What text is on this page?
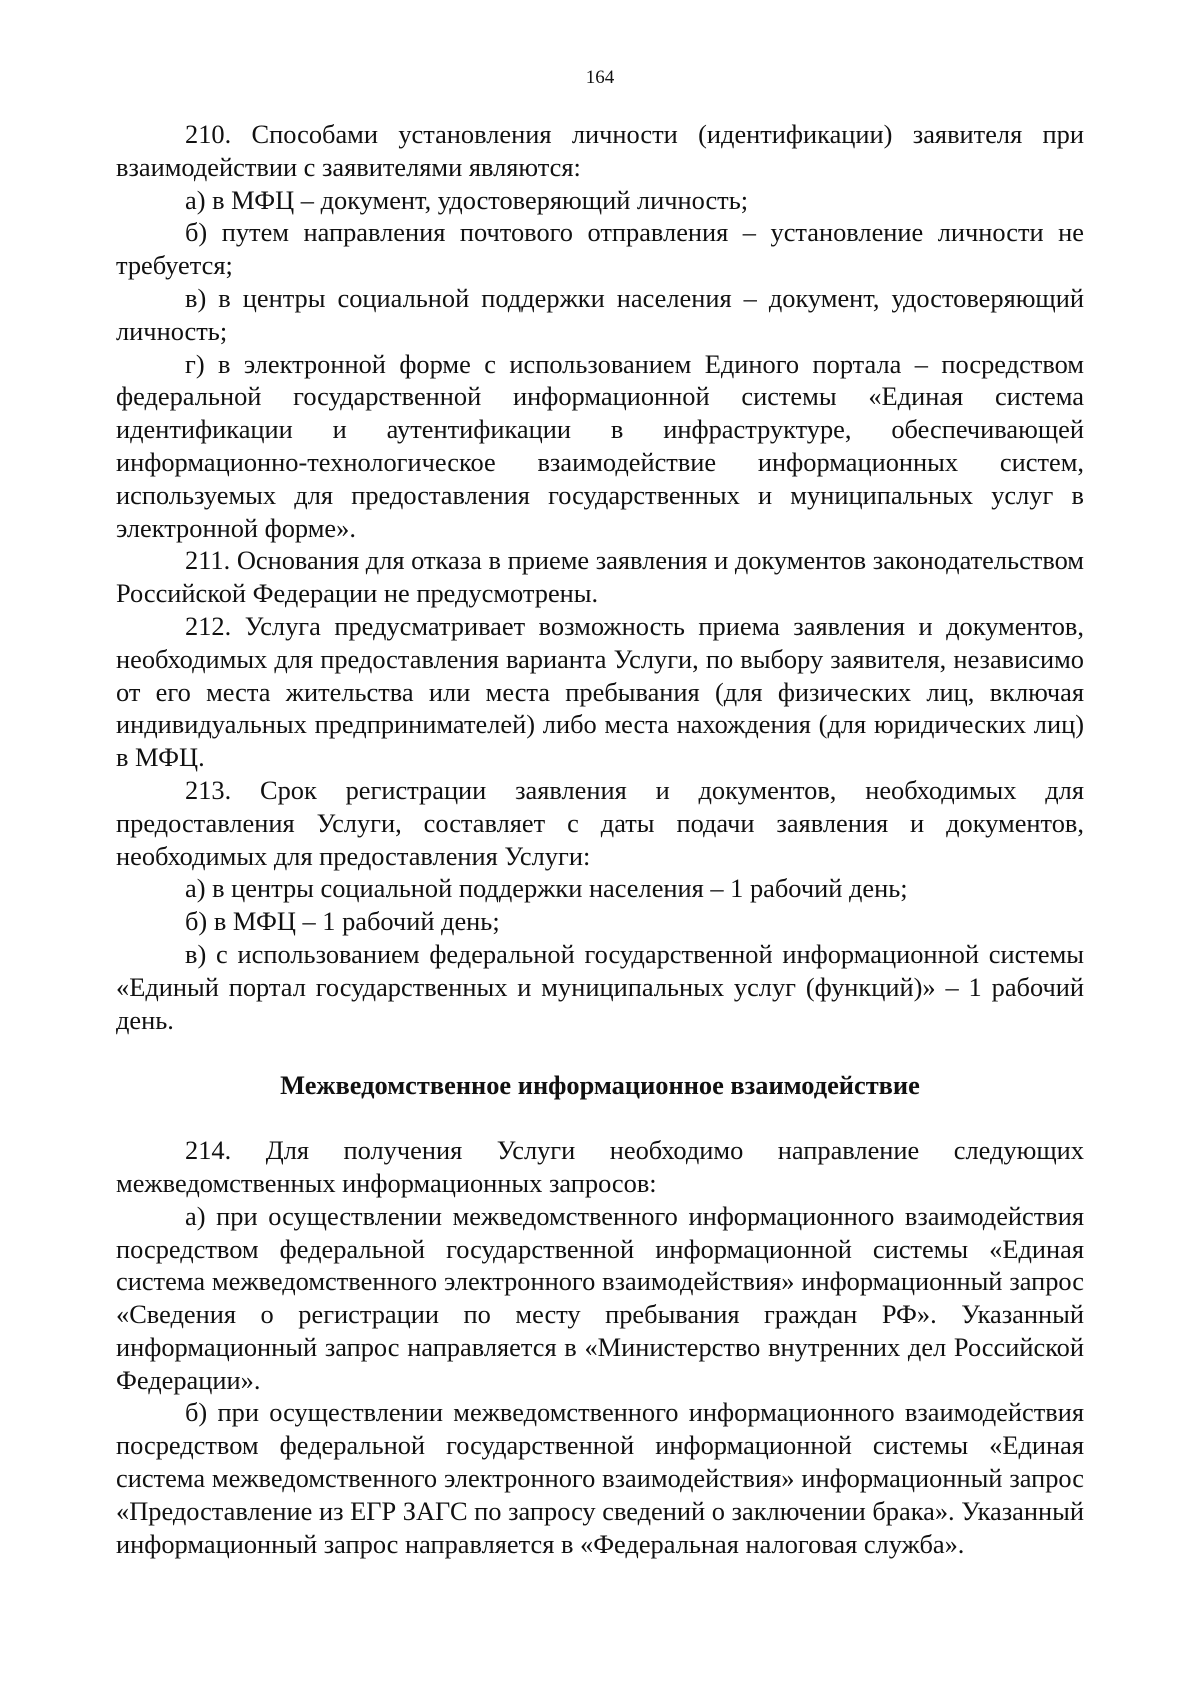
164

210. Способами установления личности (идентификации) заявителя при взаимодействии с заявителями являются:

а) в МФЦ – документ, удостоверяющий личность;

б) путем направления почтового отправления – установление личности не требуется;

в) в центры социальной поддержки населения – документ, удостоверяющий личность;

г) в электронной форме с использованием Единого портала – посредством федеральной государственной информационной системы «Единая система идентификации и аутентификации в инфраструктуре, обеспечивающей информационно-технологическое взаимодействие информационных систем, используемых для предоставления государственных и муниципальных услуг в электронной форме».

211. Основания для отказа в приеме заявления и документов законодательством Российской Федерации не предусмотрены.

212. Услуга предусматривает возможность приема заявления и документов, необходимых для предоставления варианта Услуги, по выбору заявителя, независимо от его места жительства или места пребывания (для физических лиц, включая индивидуальных предпринимателей) либо места нахождения (для юридических лиц) в МФЦ.

213. Срок регистрации заявления и документов, необходимых для предоставления Услуги, составляет с даты подачи заявления и документов, необходимых для предоставления Услуги:

а) в центры социальной поддержки населения – 1 рабочий день;

б) в МФЦ – 1 рабочий день;

в) с использованием федеральной государственной информационной системы «Единый портал государственных и муниципальных услуг (функций)» – 1 рабочий день.

Межведомственное информационное взаимодействие

214. Для получения Услуги необходимо направление следующих межведомственных информационных запросов:

а) при осуществлении межведомственного информационного взаимодействия посредством федеральной государственной информационной системы «Единая система межведомственного электронного взаимодействия» информационный запрос «Сведения о регистрации по месту пребывания граждан РФ». Указанный информационный запрос направляется в «Министерство внутренних дел Российской Федерации».

б) при осуществлении межведомственного информационного взаимодействия посредством федеральной государственной информационной системы «Единая система межведомственного электронного взаимодействия» информационный запрос «Предоставление из ЕГР ЗАГС по запросу сведений о заключении брака». Указанный информационный запрос направляется в «Федеральная налоговая служба».
